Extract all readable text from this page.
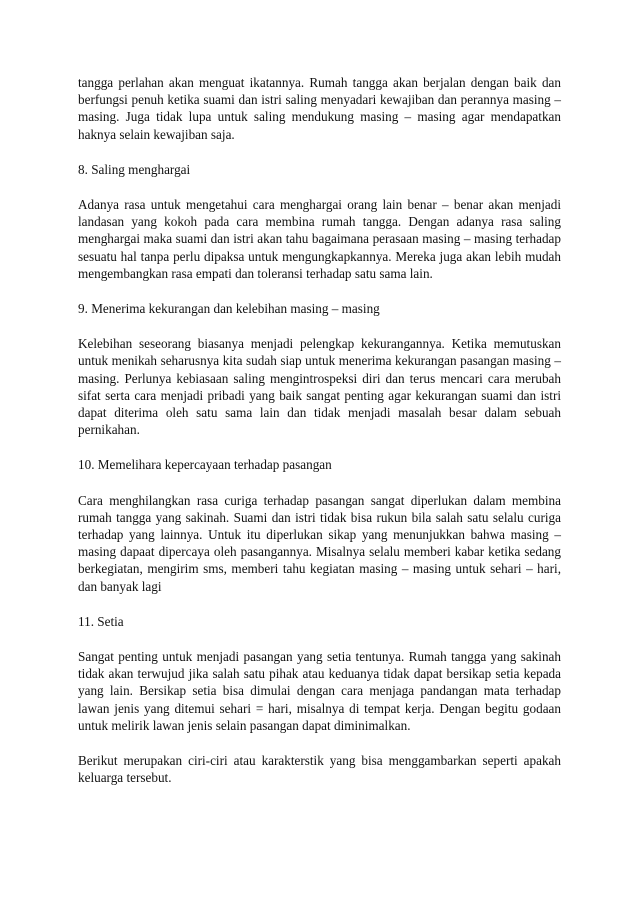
tangga perlahan akan menguat ikatannya. Rumah tangga akan berjalan dengan baik dan berfungsi penuh ketika suami dan istri saling menyadari kewajiban dan perannya masing – masing. Juga tidak lupa untuk saling mendukung masing – masing agar mendapatkan haknya selain kewajiban saja.

8. Saling menghargai

Adanya rasa untuk mengetahui cara menghargai orang lain benar – benar akan menjadi landasan yang kokoh pada cara membina rumah tangga. Dengan adanya rasa saling menghargai maka suami dan istri akan tahu bagaimana perasaan masing – masing terhadap sesuatu hal tanpa perlu dipaksa untuk mengungkapkannya. Mereka juga akan lebih mudah mengembangkan rasa empati dan toleransi terhadap satu sama lain.

9. Menerima kekurangan dan kelebihan masing – masing

Kelebihan seseorang biasanya menjadi pelengkap kekurangannya. Ketika memutuskan untuk menikah seharusnya kita sudah siap untuk menerima kekurangan pasangan masing – masing. Perlunya kebiasaan saling mengintrospeksi diri dan terus mencari cara merubah sifat serta cara menjadi pribadi yang baik sangat penting agar kekurangan suami dan istri dapat diterima oleh satu sama lain dan tidak menjadi masalah besar dalam sebuah pernikahan.

10. Memelihara kepercayaan terhadap pasangan

Cara menghilangkan rasa curiga terhadap pasangan sangat diperlukan dalam membina rumah tangga yang sakinah. Suami dan istri tidak bisa rukun bila salah satu selalu curiga terhadap yang lainnya. Untuk itu diperlukan sikap yang menunjukkan bahwa masing – masing dapaat dipercaya oleh pasangannya. Misalnya selalu memberi kabar ketika sedang berkegiatan, mengirim sms, memberi tahu kegiatan masing – masing untuk sehari – hari, dan banyak lagi

11. Setia

Sangat penting untuk menjadi pasangan yang setia tentunya. Rumah tangga yang sakinah tidak akan terwujud jika salah satu pihak atau keduanya tidak dapat bersikap setia kepada yang lain. Bersikap setia bisa dimulai dengan cara menjaga pandangan mata terhadap lawan jenis yang ditemui sehari = hari, misalnya di tempat kerja. Dengan begitu godaan untuk melirik lawan jenis selain pasangan dapat diminimalkan.

Berikut merupakan ciri-ciri atau karakterstik yang bisa menggambarkan seperti apakah keluarga tersebut.
